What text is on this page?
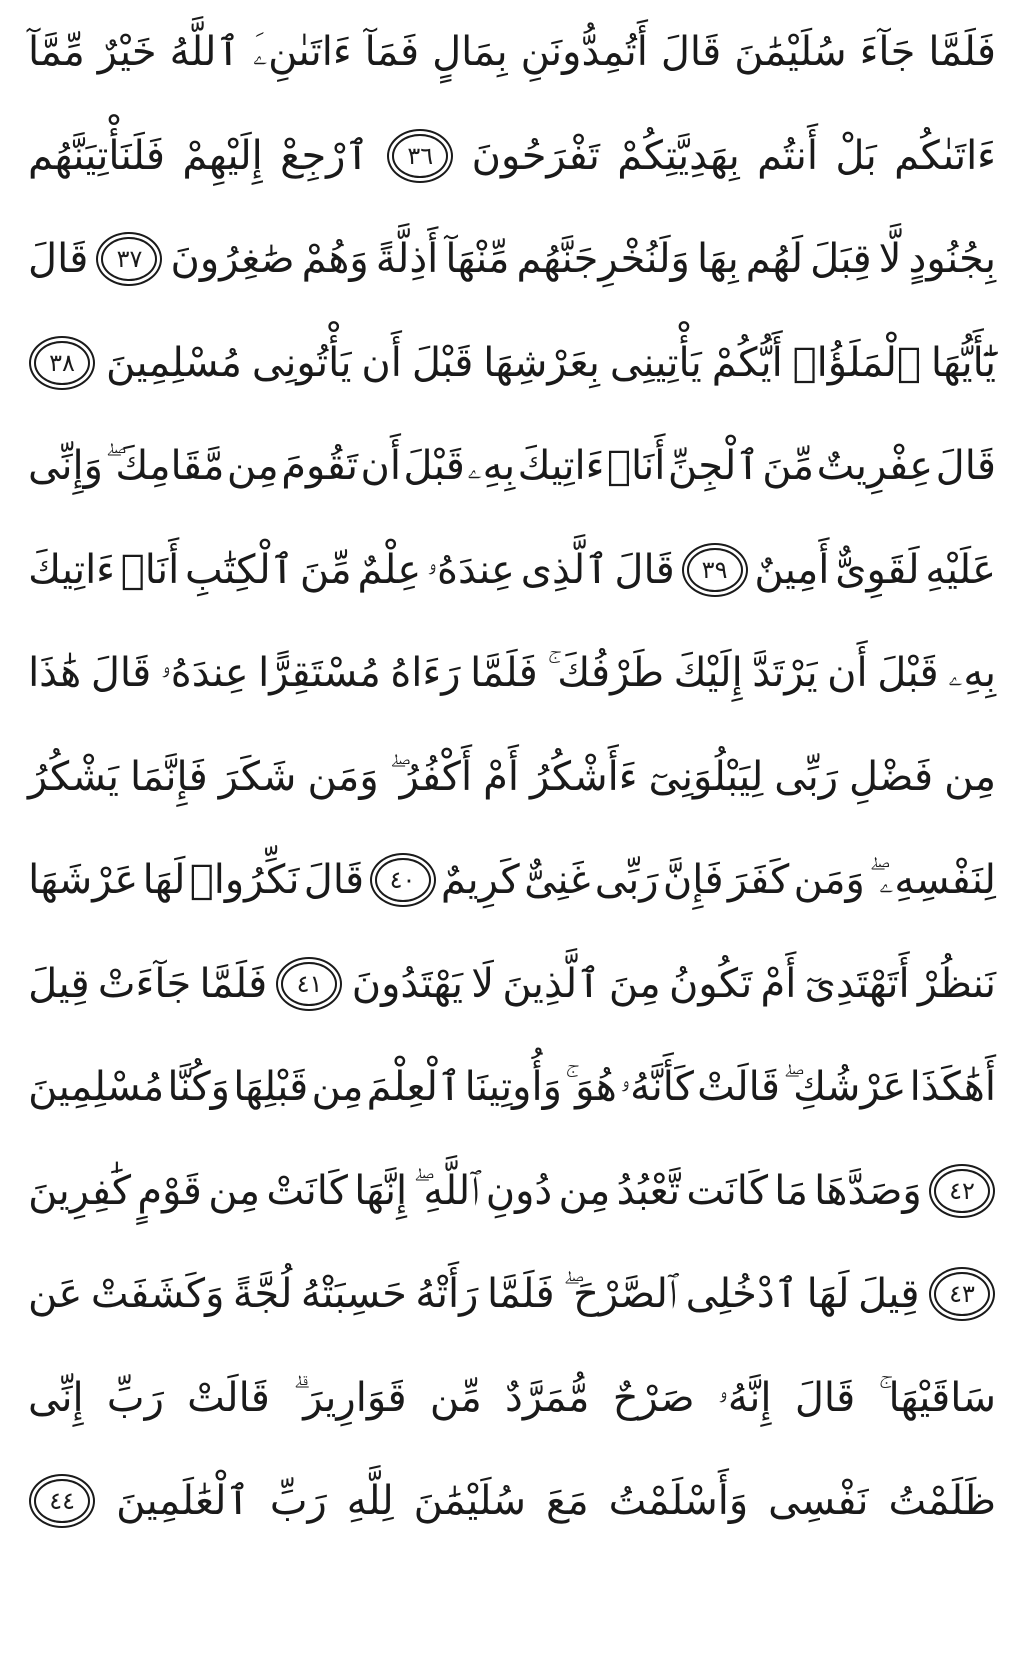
فَلَمَّا
جَآءَ
سُلَيْمَٰنَ
قَالَ
أَتُمِدُّونَنِ
بِمَالٍ
فَمَآ
ءَاتَىٰنِۦَ
ٱللَّهُ
خَيْرٌ
مِّمَّآ
ءَاتَىٰكُم
بَلْ
أَنتُم
بِهَدِيَّتِكُمْ
تَفْرَحُونَ
٣٦
ٱرْجِعْ
إِلَيْهِمْ
فَلَنَأْتِيَنَّهُم
بِجُنُودٍ
لَّا
قِبَلَ
لَهُم
بِهَا
وَلَنُخْرِجَنَّهُم
مِّنْهَآ
أَذِلَّةً
وَهُمْ
صَٰغِرُونَ
٣٧
قَالَ
يَٰٓأَيُّهَا
ٱلْمَلَؤُا۟
أَيُّكُمْ
يَأْتِينِى
بِعَرْشِهَا
قَبْلَ
أَن
يَأْتُونِى
مُسْلِمِينَ
٣٨
قَالَ
عِفْرِيتٌ
مِّنَ
ٱلْجِنِّ
أَنَا۠
ءَاتِيكَ
بِهِۦ
قَبْلَ
أَن
تَقُومَ
مِن
مَّقَامِكَ ۖ
وَإِنِّى
عَلَيْهِ
لَقَوِىٌّ
أَمِينٌ
٣٩
قَالَ
ٱلَّذِى
عِندَهُۥ
عِلْمٌ
مِّنَ
ٱلْكِتَٰبِ
أَنَا۠
ءَاتِيكَ
بِهِۦ
قَبْلَ
أَن
يَرْتَدَّ
إِلَيْكَ
طَرْفُكَ ۚ
فَلَمَّا
رَءَاهُ
مُسْتَقِرًّا
عِندَهُۥ
قَالَ
هَٰذَا
مِن
فَضْلِ
رَبِّى
لِيَبْلُوَنِىٓ
ءَأَشْكُرُ
أَمْ
أَكْفُرُ ۖ
وَمَن
شَكَرَ
فَإِنَّمَا
يَشْكُرُ
لِنَفْسِهِۦ ۖ
وَمَن
كَفَرَ
فَإِنَّ
رَبِّى
غَنِىٌّ
كَرِيمٌ
٤٠
قَالَ
نَكِّرُوا۟
لَهَا
عَرْشَهَا
نَنظُرْ
أَتَهْتَدِىٓ
أَمْ
تَكُونُ
مِنَ
ٱلَّذِينَ
لَا
يَهْتَدُونَ
٤١
فَلَمَّا
جَآءَتْ
قِيلَ
أَهَٰكَذَا
عَرْشُكِ ۖ
قَالَتْ
كَأَنَّهُۥ
هُوَ ۚ
وَأُوتِينَا
ٱلْعِلْمَ
مِن
قَبْلِهَا
وَكُنَّا
مُسْلِمِينَ
٤٢
وَصَدَّهَا
مَا
كَانَت
تَّعْبُدُ
مِن
دُونِ
ٱللَّهِ ۖ
إِنَّهَا
كَانَتْ
مِن
قَوْمٍ
كَٰفِرِينَ
٤٣
قِيلَ
لَهَا
ٱدْخُلِى
ٱلصَّرْحَ ۖ
فَلَمَّا
رَأَتْهُ
حَسِبَتْهُ
لُجَّةً
وَكَشَفَتْ
عَن
سَاقَيْهَا ۚ
قَالَ
إِنَّهُۥ
صَرْحٌ
مُّمَرَّدٌ
مِّن
قَوَارِيرَ ۗ
قَالَتْ
رَبِّ
إِنِّى
ظَلَمْتُ
نَفْسِى
وَأَسْلَمْتُ
مَعَ
سُلَيْمَٰنَ
لِلَّهِ
رَبِّ
ٱلْعَٰلَمِينَ
٤٤
